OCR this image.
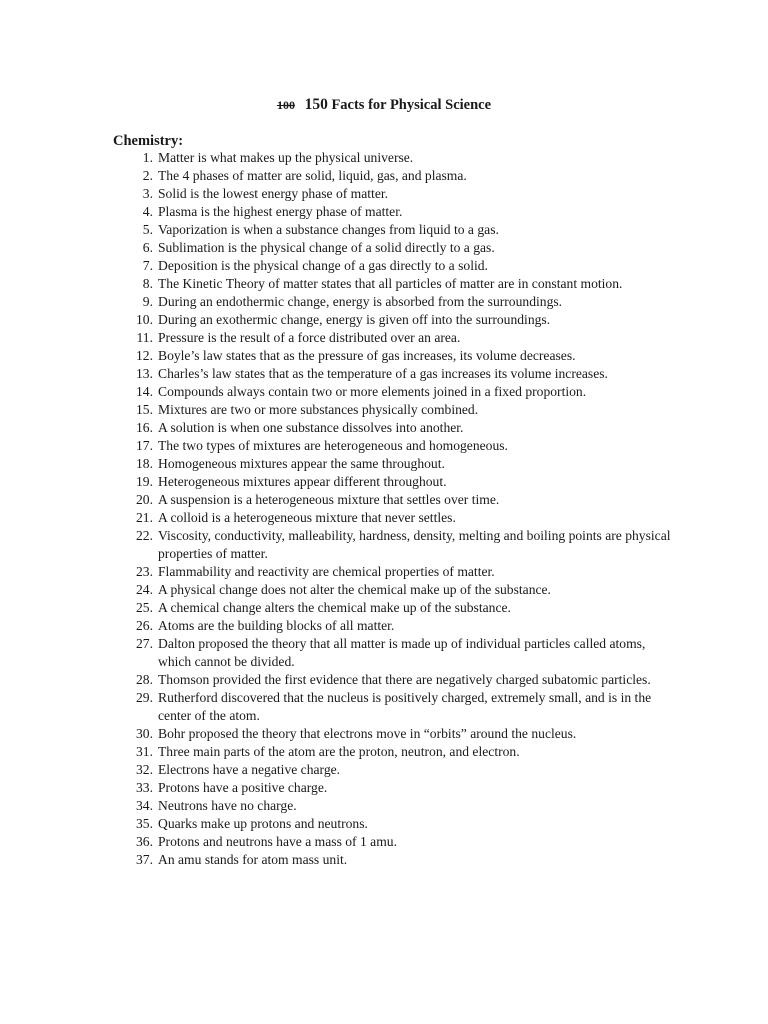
100 150 Facts for Physical Science
Chemistry:
1. Matter is what makes up the physical universe.
2. The 4 phases of matter are solid, liquid, gas, and plasma.
3. Solid is the lowest energy phase of matter.
4. Plasma is the highest energy phase of matter.
5. Vaporization is when a substance changes from liquid to a gas.
6. Sublimation is the physical change of a solid directly to a gas.
7. Deposition is the physical change of a gas directly to a solid.
8. The Kinetic Theory of matter states that all particles of matter are in constant motion.
9. During an endothermic change, energy is absorbed from the surroundings.
10. During an exothermic change, energy is given off into the surroundings.
11. Pressure is the result of a force distributed over an area.
12. Boyle’s law states that as the pressure of gas increases, its volume decreases.
13. Charles’s law states that as the temperature of a gas increases its volume increases.
14. Compounds always contain two or more elements joined in a fixed proportion.
15. Mixtures are two or more substances physically combined.
16. A solution is when one substance dissolves into another.
17. The two types of mixtures are heterogeneous and homogeneous.
18. Homogeneous mixtures appear the same throughout.
19. Heterogeneous mixtures appear different throughout.
20. A suspension is a heterogeneous mixture that settles over time.
21. A colloid is a heterogeneous mixture that never settles.
22. Viscosity, conductivity, malleability, hardness, density, melting and boiling points are physical properties of matter.
23. Flammability and reactivity are chemical properties of matter.
24. A physical change does not alter the chemical make up of the substance.
25. A chemical change alters the chemical make up of the substance.
26. Atoms are the building blocks of all matter.
27. Dalton proposed the theory that all matter is made up of individual particles called atoms, which cannot be divided.
28. Thomson provided the first evidence that there are negatively charged subatomic particles.
29. Rutherford discovered that the nucleus is positively charged, extremely small, and is in the center of the atom.
30. Bohr proposed the theory that electrons move in “orbits” around the nucleus.
31. Three main parts of the atom are the proton, neutron, and electron.
32. Electrons have a negative charge.
33. Protons have a positive charge.
34. Neutrons have no charge.
35. Quarks make up protons and neutrons.
36. Protons and neutrons have a mass of 1 amu.
37. An amu stands for atom mass unit.
